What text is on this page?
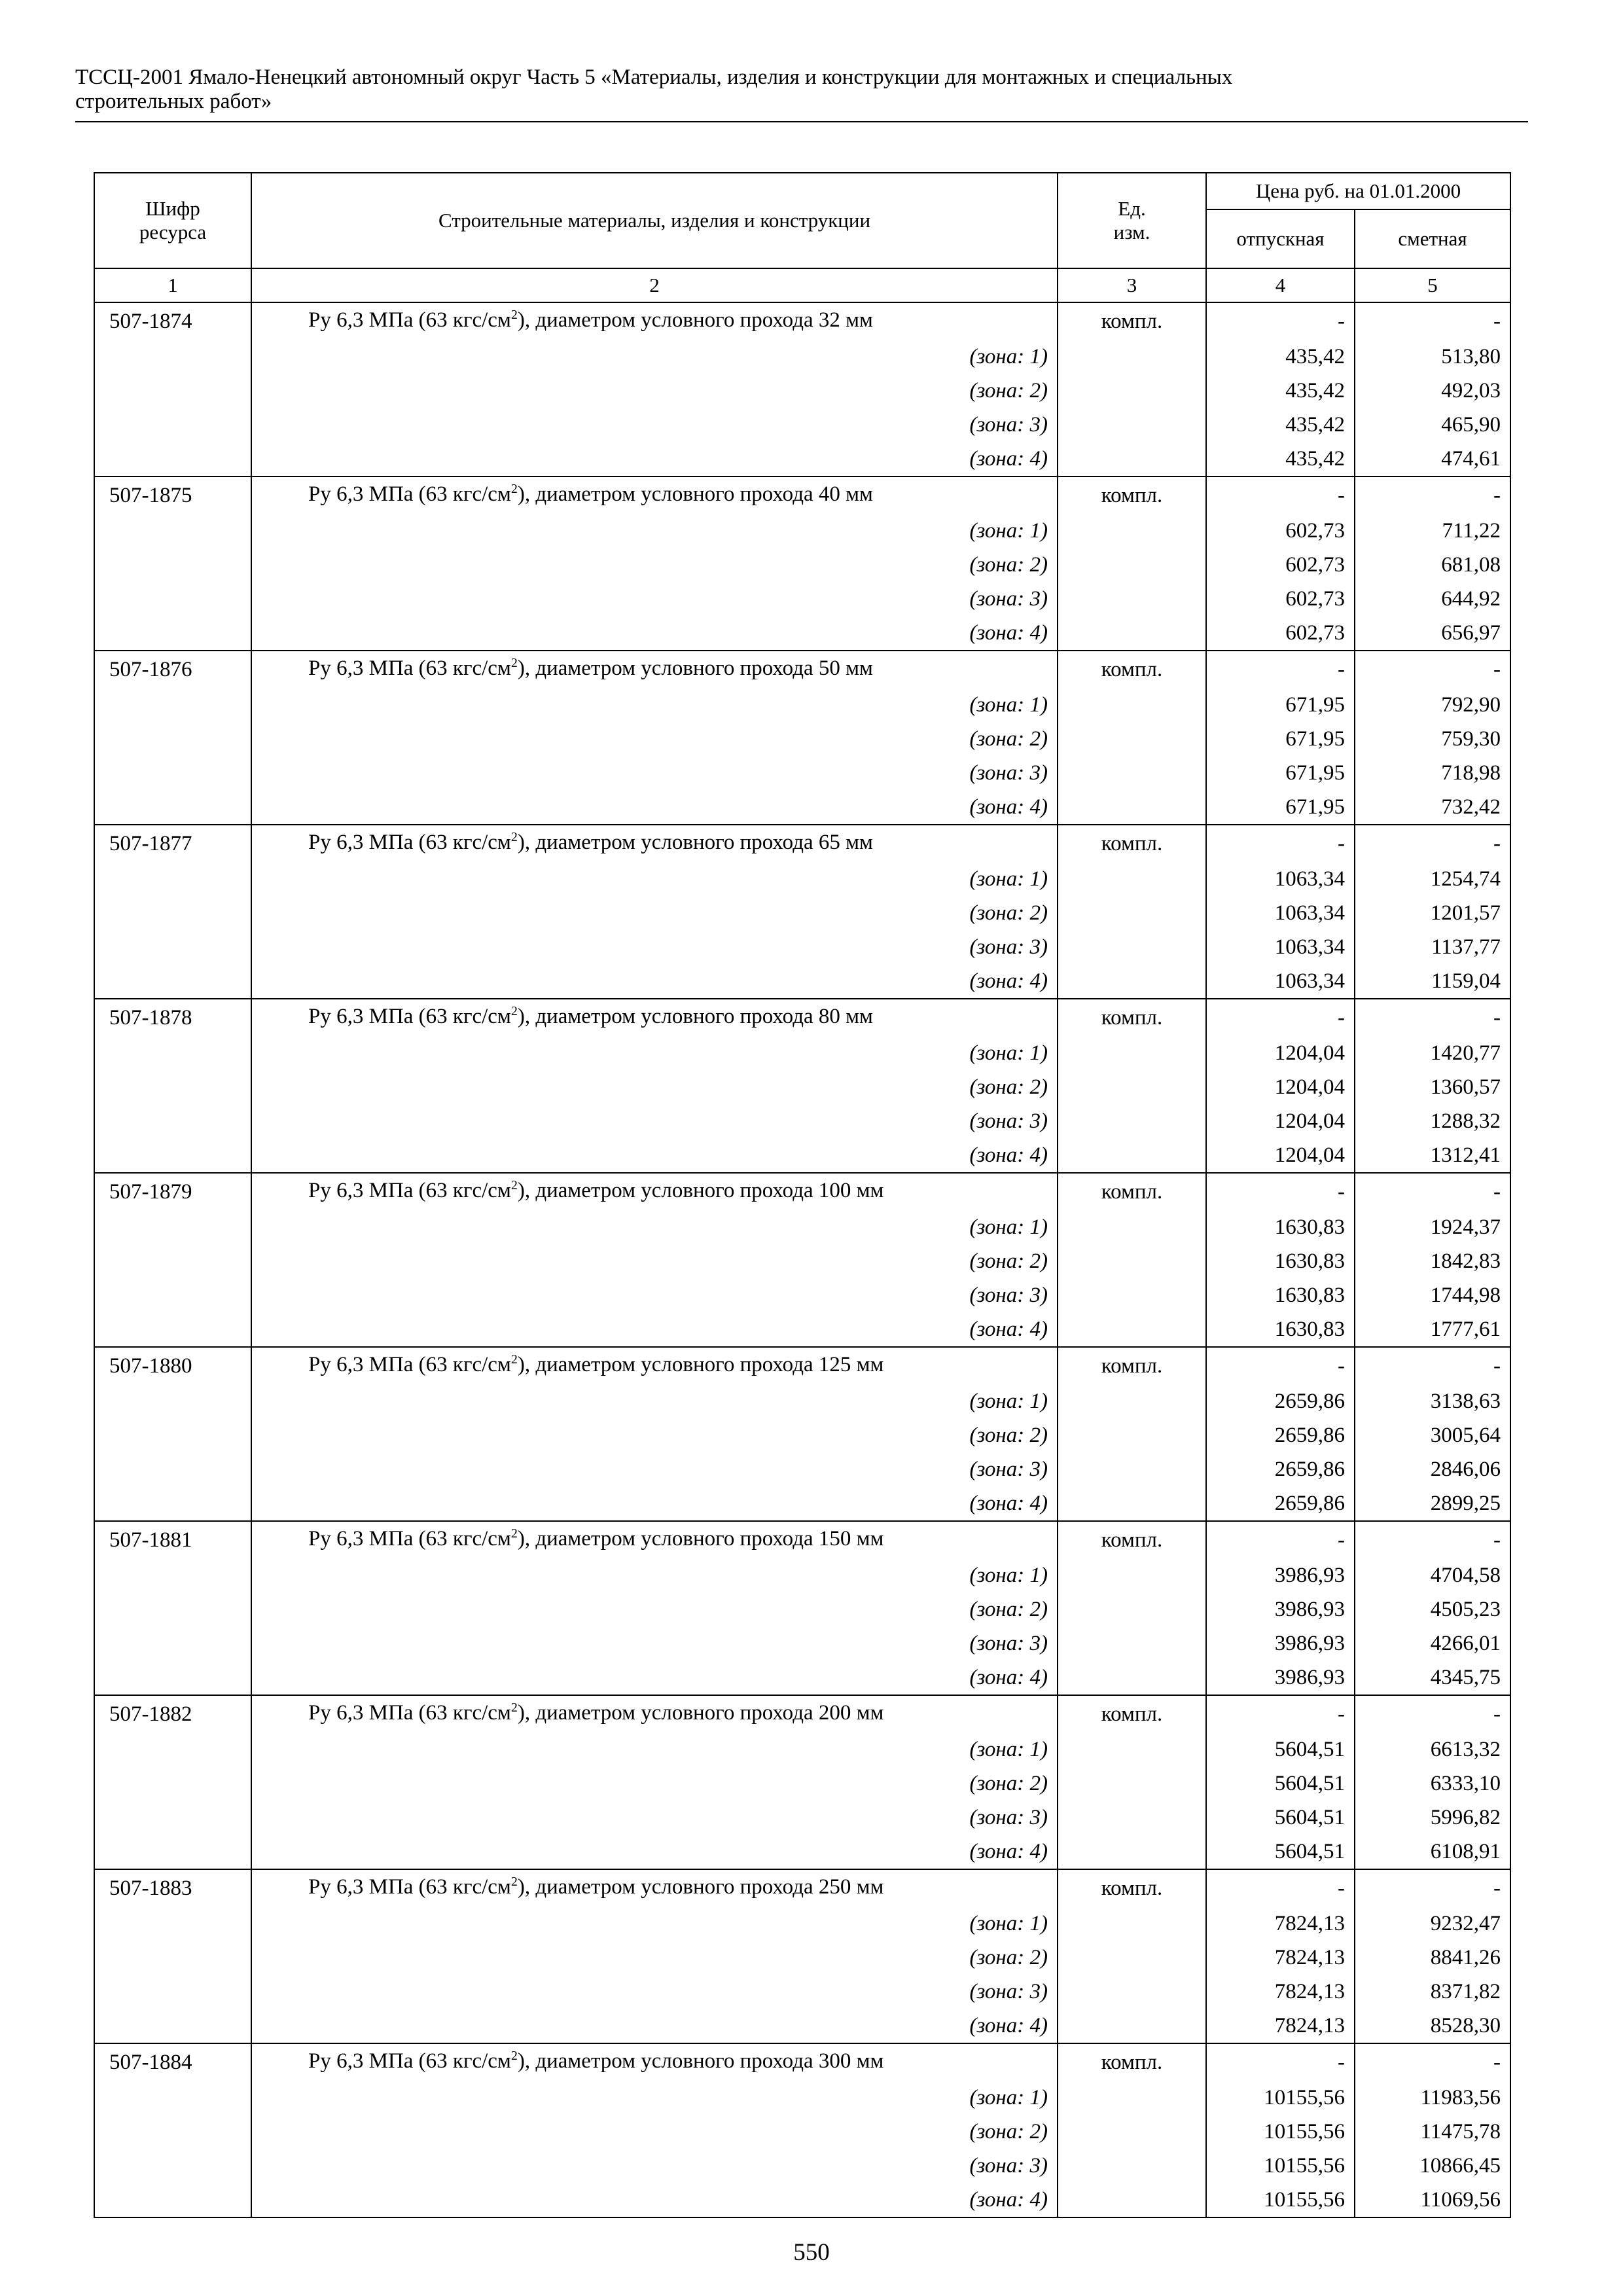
ТССЦ-2001 Ямало-Ненецкий автономный округ Часть 5 «Материалы, изделия и конструкции для монтажных и специальных
строительных работ»
Шифр ресурса	Строительные материалы, изделия и конструкции	Ед. изм.	Цена руб. на 01.01.2000	
			отпускная	сметная
1	2	3	4	5
507-1874	Ру 6,3 МПа (63 кгс/$см^2$), диаметром условного прохода 32 мм	компл.	-	-
	(зона: 1)		435,42	513,80
	(зона: 2)		435,42	492,03
	(зона: 3)		435,42	465,90
	(зона: 4)		435,42	474,61
507-1875	Ру 6,3 МПа (63 кгс/$см^2$), диаметром условного прохода 40 мм	компл.	-	-
	(зона: 1)		602,73	711,22
	(зона: 2)		602,73	681,08
	(зона: 3)		602,73	644,92
	(зона: 4)		602,73	656,97
507-1876	Ру 6,3 МПа (63 кгс/$см^2$), диаметром условного прохода 50 мм	компл.	-	-
	(зона: 1)		671,95	792,90
	(зона: 2)		671,95	759,30
	(зона: 3)		671,95	718,98
	(зона: 4)		671,95	732,42
507-1877	Ру 6,3 МПа (63 кгс/$см^2$), диаметром условного прохода 65 мм	компл.	-	-
	(зона: 1)		1063,34	1254,74
	(зона: 2)		1063,34	1201,57
	(зона: 3)		1063,34	1137,77
	(зона: 4)		1063,34	1159,04
507-1878	Ру 6,3 МПа (63 кгс/$см^2$), диаметром условного прохода 80 мм	компл.	-	-
	(зона: 1)		1204,04	1420,77
	(зона: 2)		1204,04	1360,57
	(зона: 3)		1204,04	1288,32
	(зона: 4)		1204,04	1312,41
507-1879	Ру 6,3 МПа (63 кгс/$см^2$), диаметром условного прохода 100 мм	компл.	-	-
	(зона: 1)		1630,83	1924,37
	(зона: 2)		1630,83	1842,83
	(зона: 3)		1630,83	1744,98
	(зона: 4)		1630,83	1777,61
507-1880	Ру 6,3 МПа (63 кгс/$см^2$), диаметром условного прохода 125 мм	компл.	-	-
	(зона: 1)		2659,86	3138,63
	(зона: 2)		2659,86	3005,64
	(зона: 3)		2659,86	2846,06
	(зона: 4)		2659,86	2899,25
507-1881	Ру 6,3 МПа (63 кгс/$см^2$), диаметром условного прохода 150 мм	компл.	-	-
	(зона: 1)		3986,93	4704,58
	(зона: 2)		3986,93	4505,23
	(зона: 3)		3986,93	4266,01
	(зона: 4)		3986,93	4345,75
507-1882	Ру 6,3 МПа (63 кгс/$см^2$), диаметром условного прохода 200 мм	компл.	-	-
	(зона: 1)		5604,51	6613,32
	(зона: 2)		5604,51	6333,10
	(зона: 3)		5604,51	5996,82
	(зона: 4)		5604,51	6108,91
507-1883	Ру 6,3 МПа (63 кгс/$см^2$), диаметром условного прохода 250 мм	компл.	-	-
	(зона: 1)		7824,13	9232,47
	(зона: 2)		7824,13	8841,26
	(зона: 3)		7824,13	8371,82
	(зона: 4)		7824,13	8528,30
507-1884	Ру 6,3 МПа (63 кгс/$см^2$), диаметром условного прохода 300 мм	компл.	-	-
	(зона: 1)		10155,56	11983,56
	(зона: 2)		10155,56	11475,78
	(зона: 3)		10155,56	10866,45
	(зона: 4)		10155,56	11069,56
550
